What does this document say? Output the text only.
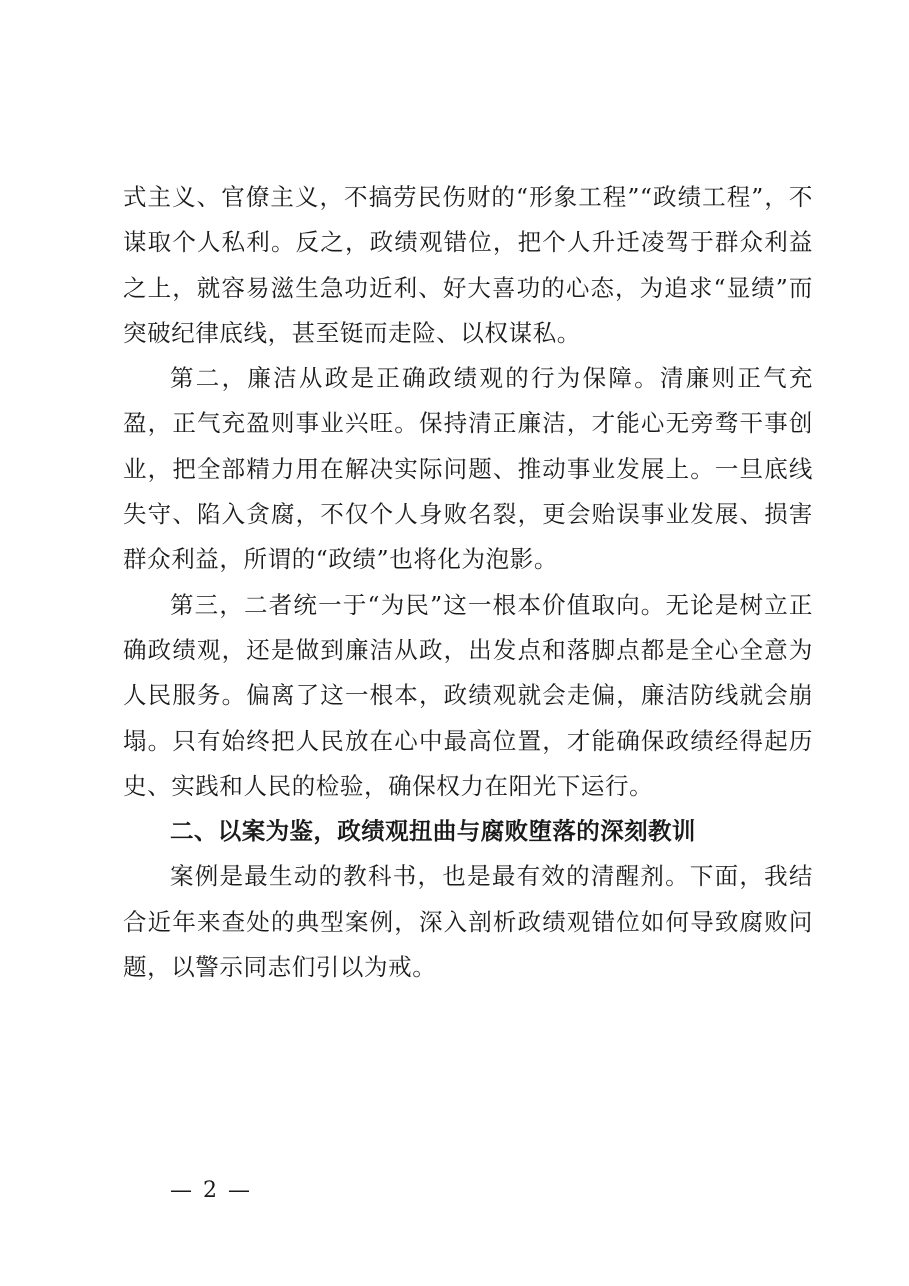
式主义、官僚主义，不搞劳民伤财的“形象工程”“政绩工程”，不谋取个人私利。反之，政绩观错位，把个人升迁凌驾于群众利益之上，就容易滋生急功近利、好大喜功的心态，为追求“显绩”而突破纪律底线，甚至铤而走险、以权谋私。

第二，廉洁从政是正确政绩观的行为保障。清廉则正气充盈，正气充盈则事业兴旺。保持清正廉洁，才能心无旁骛干事创业，把全部精力用在解决实际问题、推动事业发展上。一旦底线失守、陷入贪腐，不仅个人身败名裂，更会贻误事业发展、损害群众利益，所谓的“政绩”也将化为泡影。

第三，二者统一于“为民”这一根本价值取向。无论是树立正确政绩观，还是做到廉洁从政，出发点和落脚点都是全心全意为人民服务。偏离了这一根本，政绩观就会走偏，廉洁防线就会崩塌。只有始终把人民放在心中最高位置，才能确保政绩经得起历史、实践和人民的检验，确保权力在阳光下运行。

二、以案为鉴，政绩观扭曲与腐败堕落的深刻教训

案例是最生动的教科书，也是最有效的清醒剂。下面，我结合近年来查处的典型案例，深入剖析政绩观错位如何导致腐败问题，以警示同志们引以为戒。

— 2 —
